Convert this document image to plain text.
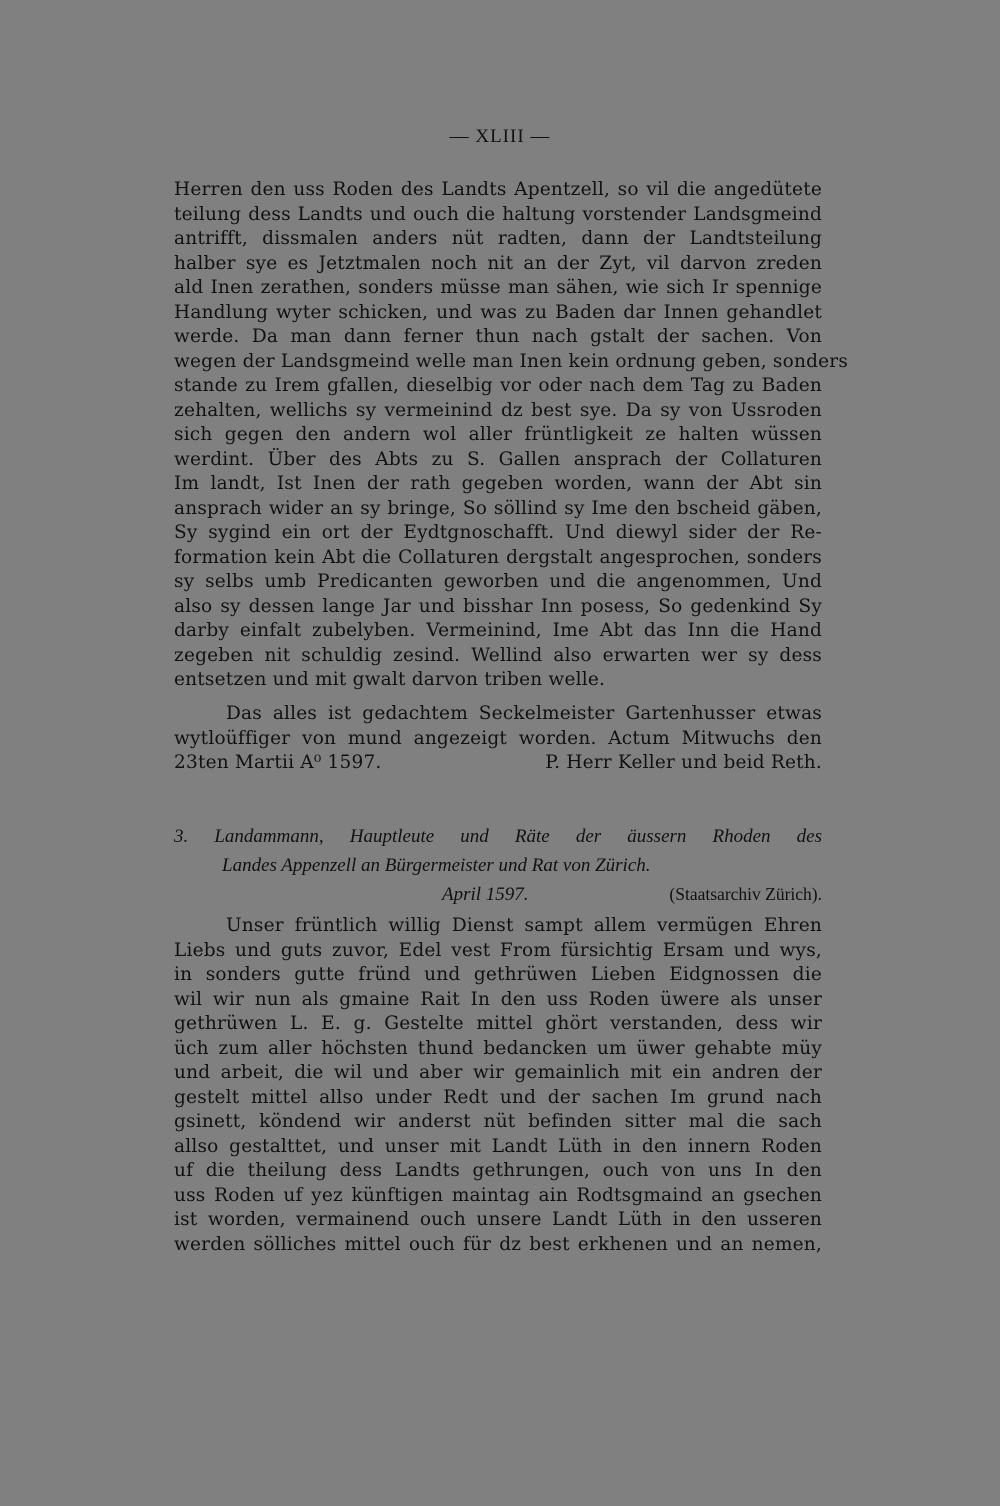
— XLIII —
Herren den uss Roden des Landts Apentzell, so vil die angedütete
teilung dess Landts und ouch die haltung vorstender Landsgmeind
antrifft, dissmalen anders nüt radten, dann der Landtsteilung
halber sye es Jetztmalen noch nit an der Zyt, vil darvon zreden
ald Inen zerathen, sonders müsse man sähen, wie sich Ir spennige
Handlung wyter schicken, und was zu Baden dar Innen gehandlet
werde. Da man dann ferner thun nach gstalt der sachen. Von
wegen der Landsgmeind welle man Inen kein ordnung geben, sonders
stande zu Irem gfallen, dieselbig vor oder nach dem Tag zu Baden
zehalten, wellichs sy vermeinind dz best sye. Da sy von Ussroden
sich gegen den andern wol aller früntligkeit ze halten wüssen
werdint. Über des Abts zu S. Gallen ansprach der Collaturen
Im landt, Ist Inen der rath gegeben worden, wann der Abt sin
ansprach wider an sy bringe, So söllind sy Ime den bscheid gäben,
Sy sygind ein ort der Eydtgnoschafft. Und diewyl sider der Re-
formation kein Abt die Collaturen dergstalt angesprochen, sonders
sy selbs umb Predicanten geworben und die angenommen, Und
also sy dessen lange Jar und bisshar Inn posess, So gedenkind Sy
darby einfalt zubelyben. Vermeinind, Ime Abt das Inn die Hand
zegeben nit schuldig zesind. Wellind also erwarten wer sy dess
entsetzen und mit gwalt darvon triben welle.
Das alles ist gedachtem Seckelmeister Gartenhusser etwas
wytloüffiger von mund angezeigt worden. Actum Mitwuchs den
23ten Martii A⁰ 1597.	P. Herr Keller und beid Reth.
3. Landammann, Hauptleute und Räte der äussern Rhoden des
Landes Appenzell an Bürgermeister und Rat von Zürich.
April 1597.	(Staatsarchiv Zürich).
Unser früntlich willig Dienst sampt allem vermügen Ehren
Liebs und guts zuvor, Edel vest From fürsichtig Ersam und wys,
in sonders gutte fründ und gethrüwen Lieben Eidgnossen die
wil wir nun als gmaine Rait In den uss Roden üwere als unser
gethrüwen L. E. g. Gestelte mittel ghört verstanden, dess wir
üch zum aller höchsten thund bedancken um üwer gehabte müy
und arbeit, die wil und aber wir gemainlich mit ein andren der
gestelt mittel allso under Redt und der sachen Im grund nach
gsinett, köndend wir anderst nüt befinden sitter mal die sach
allso gestalttet, und unser mit Landt Lüth in den innern Roden
uf die theilung dess Landts gethrungen, ouch von uns In den
uss Roden uf yez künftigen maintag ain Rodtsgmaind an gsechen
ist worden, vermainend ouch unsere Landt Lüth in den usseren
werden sölliches mittel ouch für dz best erkhenen und an nemen,
